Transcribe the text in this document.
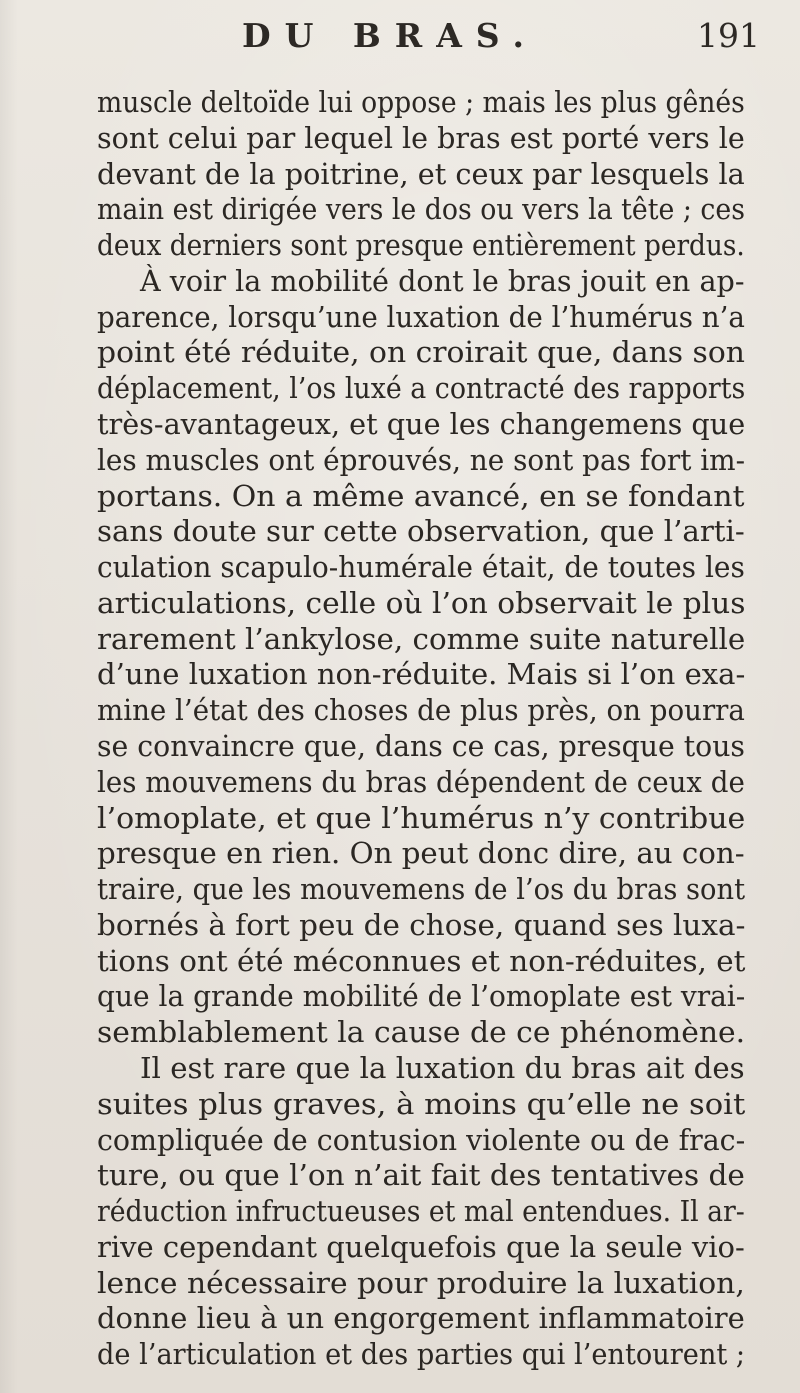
DU BRAS.	191
muscle deltoïde lui oppose ; mais les plus gênés
sont celui par lequel le bras est porté vers le
devant de la poitrine, et ceux par lesquels la
main est dirigée vers le dos ou vers la tête ; ces
deux derniers sont presque entièrement perdus.
À voir la mobilité dont le bras jouit en ap-
parence, lorsqu’une luxation de l’humérus n’a
point été réduite, on croirait que, dans son
déplacement, l’os luxé a contracté des rapports
très-avantageux, et que les changemens que
les muscles ont éprouvés, ne sont pas fort im-
portans. On a même avancé, en se fondant
sans doute sur cette observation, que l’arti-
culation scapulo-humérale était, de toutes les
articulations, celle où l’on observait le plus
rarement l’ankylose, comme suite naturelle
d’une luxation non-réduite. Mais si l’on exa-
mine l’état des choses de plus près, on pourra
se convaincre que, dans ce cas, presque tous
les mouvemens du bras dépendent de ceux de
l’omoplate, et que l’humérus n’y contribue
presque en rien. On peut donc dire, au con-
traire, que les mouvemens de l’os du bras sont
bornés à fort peu de chose, quand ses luxa-
tions ont été méconnues et non-réduites, et
que la grande mobilité de l’omoplate est vrai-
semblablement la cause de ce phénomène.
Il est rare que la luxation du bras ait des
suites plus graves, à moins qu’elle ne soit
compliquée de contusion violente ou de frac-
ture, ou que l’on n’ait fait des tentatives de
réduction infructueuses et mal entendues. Il ar-
rive cependant quelquefois que la seule vio-
lence nécessaire pour produire la luxation,
donne lieu à un engorgement inflammatoire
de l’articulation et des parties qui l’entourent ;
